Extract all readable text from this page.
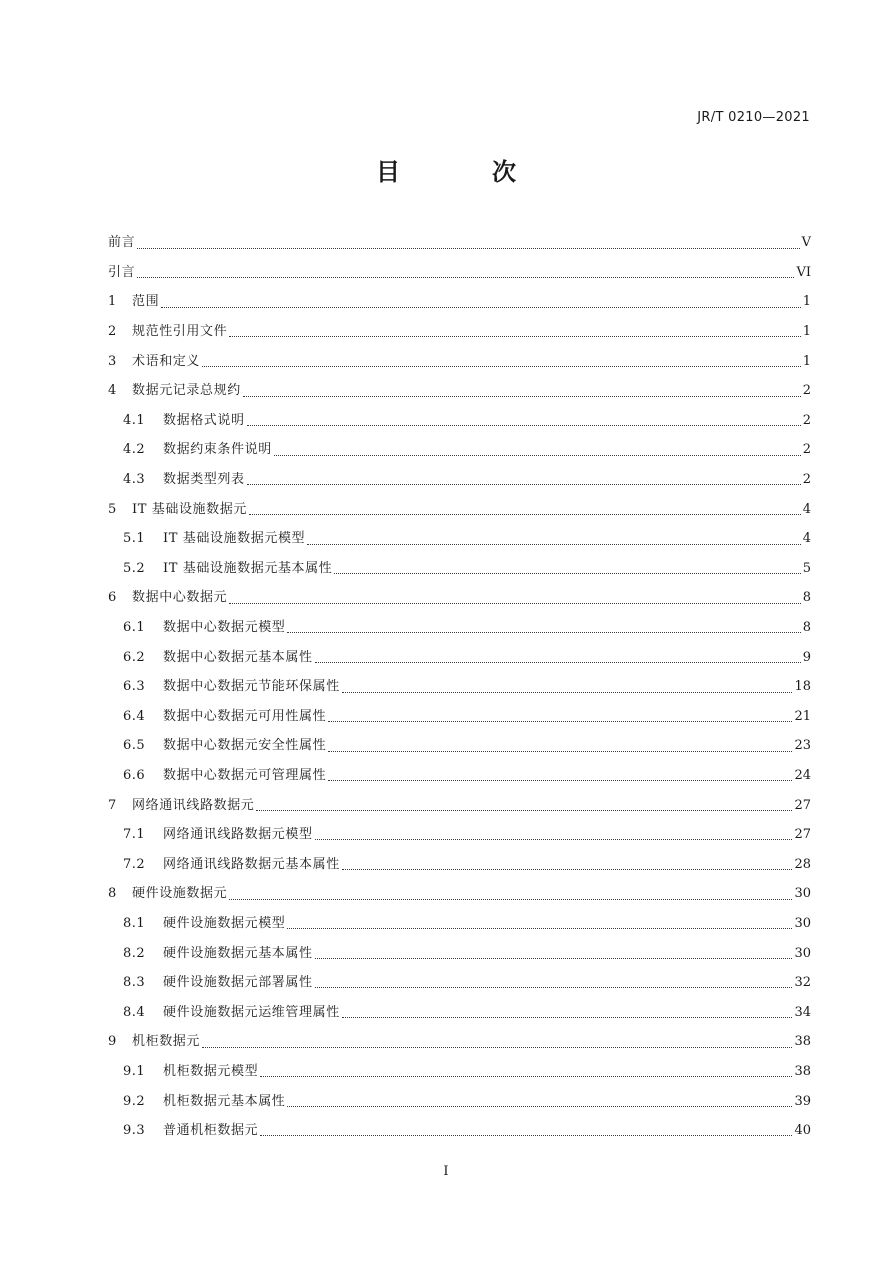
JR/T 0210—2021
目　次
前言	V
引言	VI
1	范围	1
2	规范性引用文件	1
3	术语和定义	1
4	数据元记录总规约	2
4.1	数据格式说明	2
4.2	数据约束条件说明	2
4.3	数据类型列表	2
5	IT 基础设施数据元	4
5.1	IT 基础设施数据元模型	4
5.2	IT 基础设施数据元基本属性	5
6	数据中心数据元	8
6.1	数据中心数据元模型	8
6.2	数据中心数据元基本属性	9
6.3	数据中心数据元节能环保属性	18
6.4	数据中心数据元可用性属性	21
6.5	数据中心数据元安全性属性	23
6.6	数据中心数据元可管理属性	24
7	网络通讯线路数据元	27
7.1	网络通讯线路数据元模型	27
7.2	网络通讯线路数据元基本属性	28
8	硬件设施数据元	30
8.1	硬件设施数据元模型	30
8.2	硬件设施数据元基本属性	30
8.3	硬件设施数据元部署属性	32
8.4	硬件设施数据元运维管理属性	34
9	机柜数据元	38
9.1	机柜数据元模型	38
9.2	机柜数据元基本属性	39
9.3	普通机柜数据元	40
I
